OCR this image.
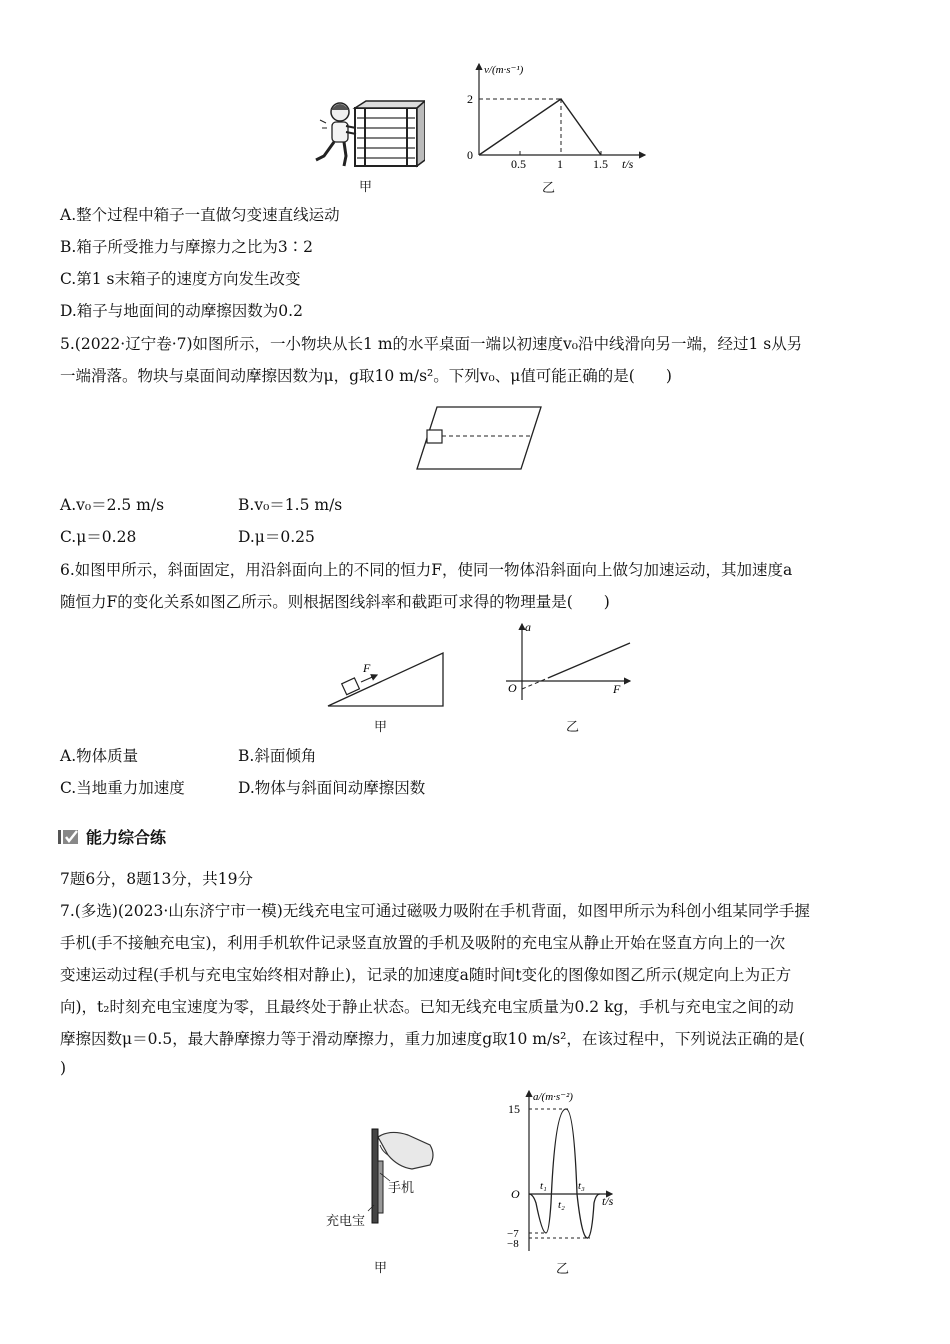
甲
v/(m·s⁻¹)
2
0
0.5	1	1.5 t/s
乙
A.整个过程中箱子一直做匀变速直线运动
B.箱子所受推力与摩擦力之比为3∶2
C.第1 s末箱子的速度方向发生改变
D.箱子与地面间的动摩擦因数为0.2
5.(2022·辽宁卷·7)如图所示，一小物块从长1 m的水平桌面一端以初速度v₀沿中线滑向另一端，经过1 s从另
一端滑落。物块与桌面间动摩擦因数为μ，g取10 m/s²。下列v₀、μ值可能正确的是(　　)
A.v₀＝2.5 m/s	B.v₀＝1.5 m/s
C.μ＝0.28	D.μ＝0.25
6.如图甲所示，斜面固定，用沿斜面向上的不同的恒力F，使同一物体沿斜面向上做匀加速运动，其加速度a
随恒力F的变化关系如图乙所示。则根据图线斜率和截距可求得的物理量是(　　)
F
甲
a
O	F
乙
A.物体质量	B.斜面倾角
C.当地重力加速度	D.物体与斜面间动摩擦因数
能力综合练
7题6分，8题13分，共19分
7.(多选)(2023·山东济宁市一模)无线充电宝可通过磁吸力吸附在手机背面，如图甲所示为科创小组某同学手握
手机(手不接触充电宝)，利用手机软件记录竖直放置的手机及吸附的充电宝从静止开始在竖直方向上的一次
变速运动过程(手机与充电宝始终相对静止)，记录的加速度a随时间t变化的图像如图乙所示(规定向上为正方
向)，t₂时刻充电宝速度为零，且最终处于静止状态。已知无线充电宝质量为0.2 kg，手机与充电宝之间的动
摩擦因数μ＝0.5，最大静摩擦力等于滑动摩擦力，重力加速度g取10 m/s²，在该过程中，下列说法正确的是(
)
手机
充电宝
甲
a/(m·s⁻²)
15
O
t₁
t₂
t₃
t/s
−7
−8
乙
